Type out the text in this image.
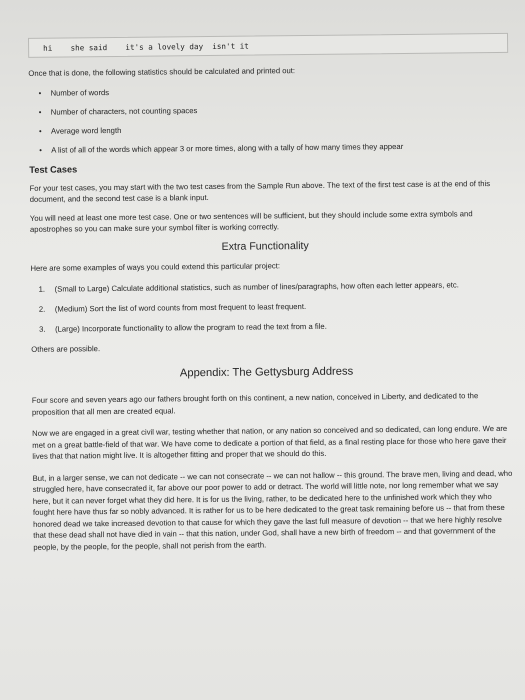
hi    she said    it's a lovely day  isn't it

Once that is done, the following statistics should be calculated and printed out:

• Number of words
• Number of characters, not counting spaces
• Average word length
• A list of all of the words which appear 3 or more times, along with a tally of how many times they appear
Test Cases

For your test cases, you may start with the two test cases from the Sample Run above. The text of the first test case is at the end of this document, and the second test case is a blank input.

You will need at least one more test case. One or two sentences will be sufficient, but they should include some extra symbols and apostrophes so you can make sure your symbol filter is working correctly.

Extra Functionality

Here are some examples of ways you could extend this particular project:

1. (Small to Large) Calculate additional statistics, such as number of lines/paragraphs, how often each letter appears, etc.
2. (Medium) Sort the list of word counts from most frequent to least frequent.
3. (Large) Incorporate functionality to allow the program to read the text from a file.

Others are possible.

Appendix: The Gettysburg Address

Four score and seven years ago our fathers brought forth on this continent, a new nation, conceived in Liberty, and dedicated to the proposition that all men are created equal.

Now we are engaged in a great civil war, testing whether that nation, or any nation so conceived and so dedicated, can long endure. We are met on a great battle-field of that war. We have come to dedicate a portion of that field, as a final resting place for those who here gave their lives that that nation might live. It is altogether fitting and proper that we should do this.

But, in a larger sense, we can not dedicate -- we can not consecrate -- we can not hallow -- this ground. The brave men, living and dead, who struggled here, have consecrated it, far above our poor power to add or detract. The world will little note, nor long remember what we say here, but it can never forget what they did here. It is for us the living, rather, to be dedicated here to the unfinished work which they who fought here have thus far so nobly advanced. It is rather for us to be here dedicated to the great task remaining before us -- that from these honored dead we take increased devotion to that cause for which they gave the last full measure of devotion -- that we here highly resolve that these dead shall not have died in vain -- that this nation, under God, shall have a new birth of freedom -- and that government of the people, by the people, for the people, shall not perish from the earth.
